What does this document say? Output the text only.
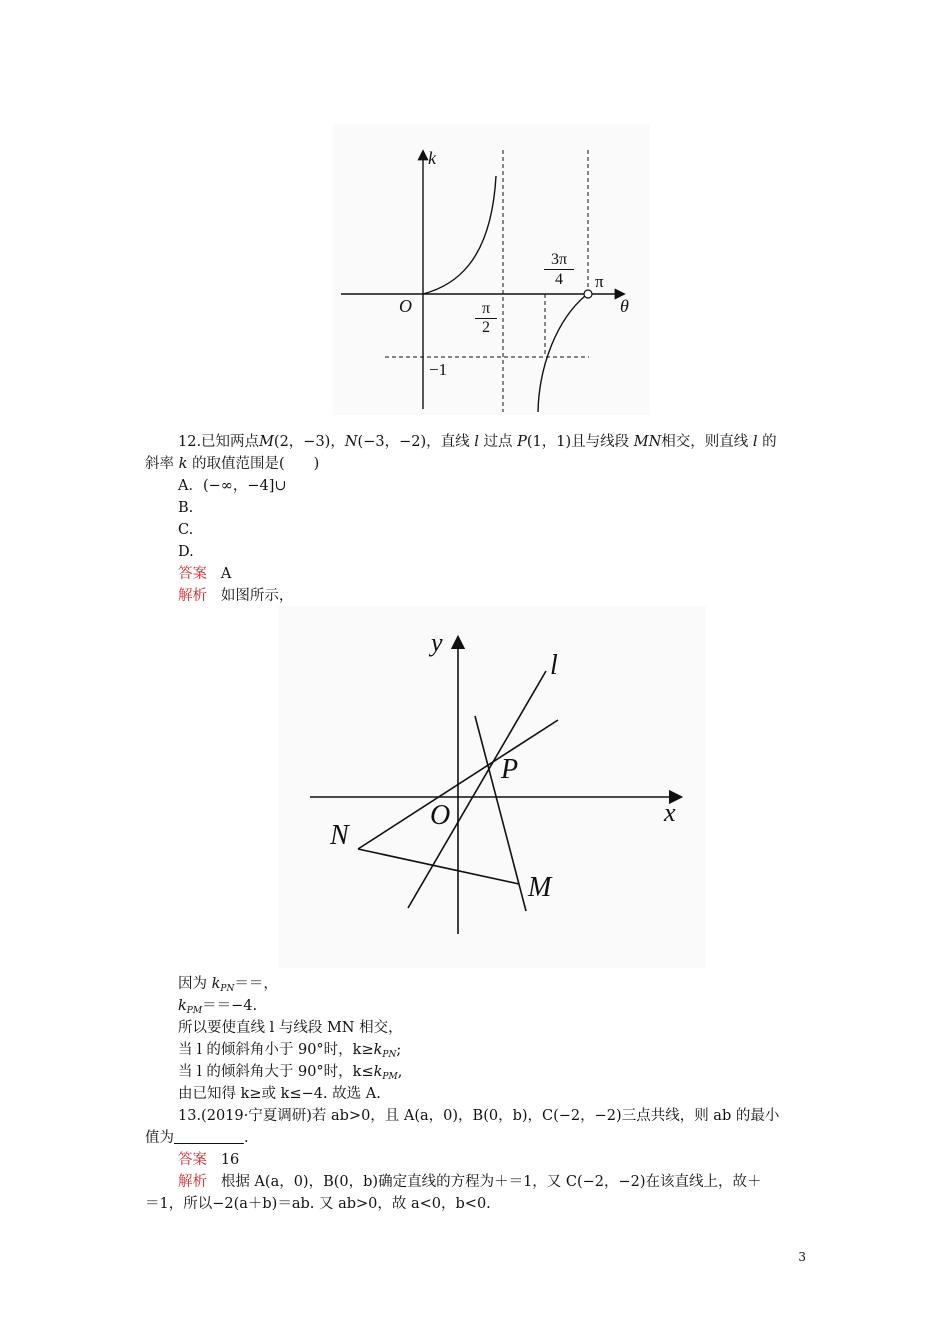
k
θ
O	$\frac{\pi}{2}$
$\frac{3\pi}{4}$ π
−1
12.已知两点M(2，−3)，N(−3，−2)，直线 l 过点 P(1，1)且与线段 MN相交，则直线 l 的
斜率 k 的取值范围是(　　)
A．(−∞，−4]∪
B.
C.
D.
答案 A
解析 如图所示，
y
x
l
P
O
N
M
因为 $k_{PN}==$，
$k_{PM}==-4$.
所以要使直线 l 与线段 MN 相交，
当 l 的倾斜角小于 90°时，$k\ge k_{PN}$;
当 l 的倾斜角大于 90°时，$k\le k_{PM}$,
由已知得 k≥或 k≤−4. 故选 A.
13.(2019·宁夏调研)若 ab>0，且 A(a，0)，B(0，b)，C(−2，−2)三点共线，则 ab 的最小
值为	.
答案 16
解析 根据 A(a，0)，B(0，b)确定直线的方程为＋＝1，又 C(−2，−2)在该直线上，故＋
＝1，所以−2(a＋b)＝ab. 又 ab>0，故 a<0，b<0.
3
